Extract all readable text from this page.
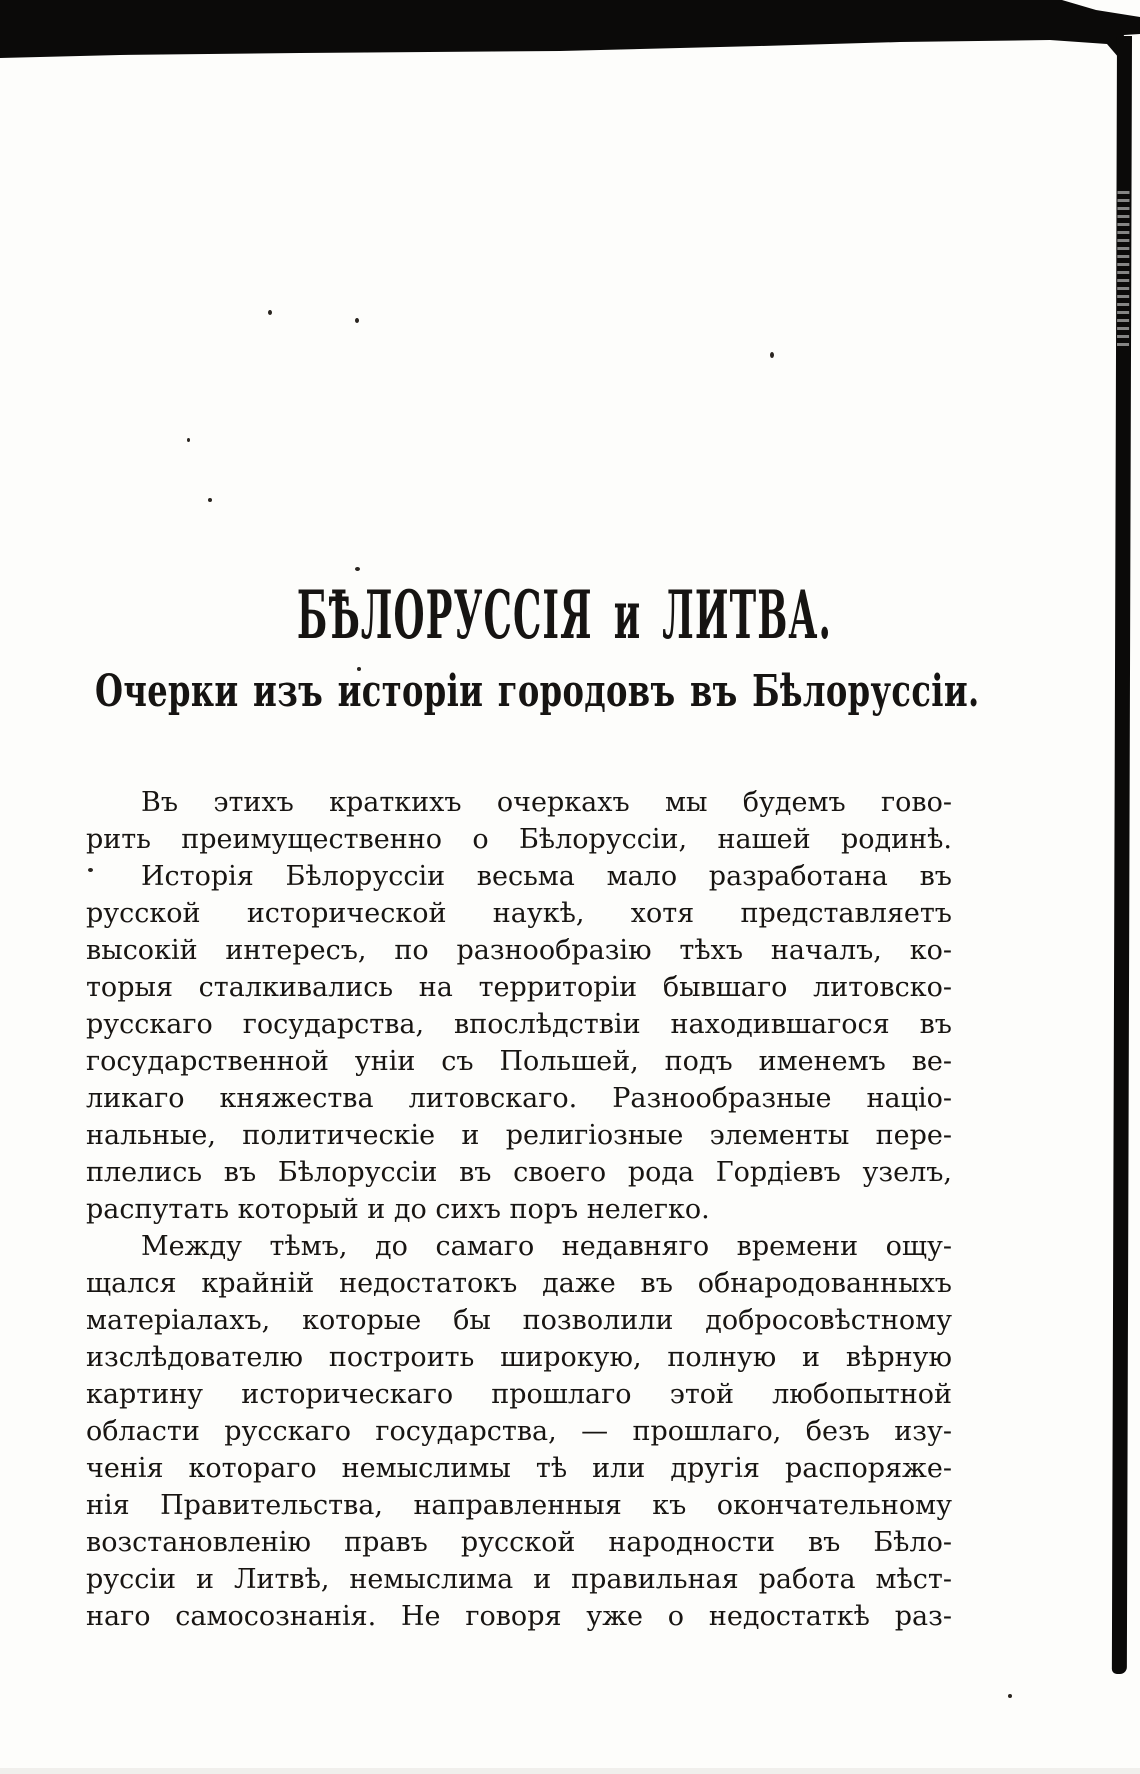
БѢЛОРУССІЯ и ЛИТВА.
Очерки изъ исторіи городовъ въ Бѣлоруссіи.
Въ этихъ краткихъ очеркахъ мы будемъ гово-
рить преимущественно о Бѣлоруссіи, нашей родинѣ.
Исторія Бѣлоруссіи весьма мало разработана въ
русской исторической наукѣ, хотя представляетъ
высокій интересъ, по разнообразію тѣхъ началъ, ко-
торыя сталкивались на территоріи бывшаго литовско-
русскаго государства, впослѣдствіи находившагося въ
государственной уніи съ Польшей, подъ именемъ ве-
ликаго княжества литовскаго. Разнообразные націо-
нальные, политическіе и религіозные элементы пере-
плелись въ Бѣлоруссіи въ своего рода Гордіевъ узелъ,
распутать который и до сихъ поръ нелегко.
Между тѣмъ, до самаго недавняго времени ощу-
щался крайній недостатокъ даже въ обнародованныхъ
матеріалахъ, которые бы позволили добросовѣстному
изслѣдователю построить широкую, полную и вѣрную
картину историческаго прошлаго этой любопытной
области русскаго государства, — прошлаго, безъ изу-
ченія котораго немыслимы тѣ или другія распоряже-
нія Правительства, направленныя къ окончательному
возстановленію правъ русской народности въ Бѣло-
руссіи и Литвѣ, немыслима и правильная работа мѣст-
наго самосознанія. Не говоря уже о недостаткѣ раз-
